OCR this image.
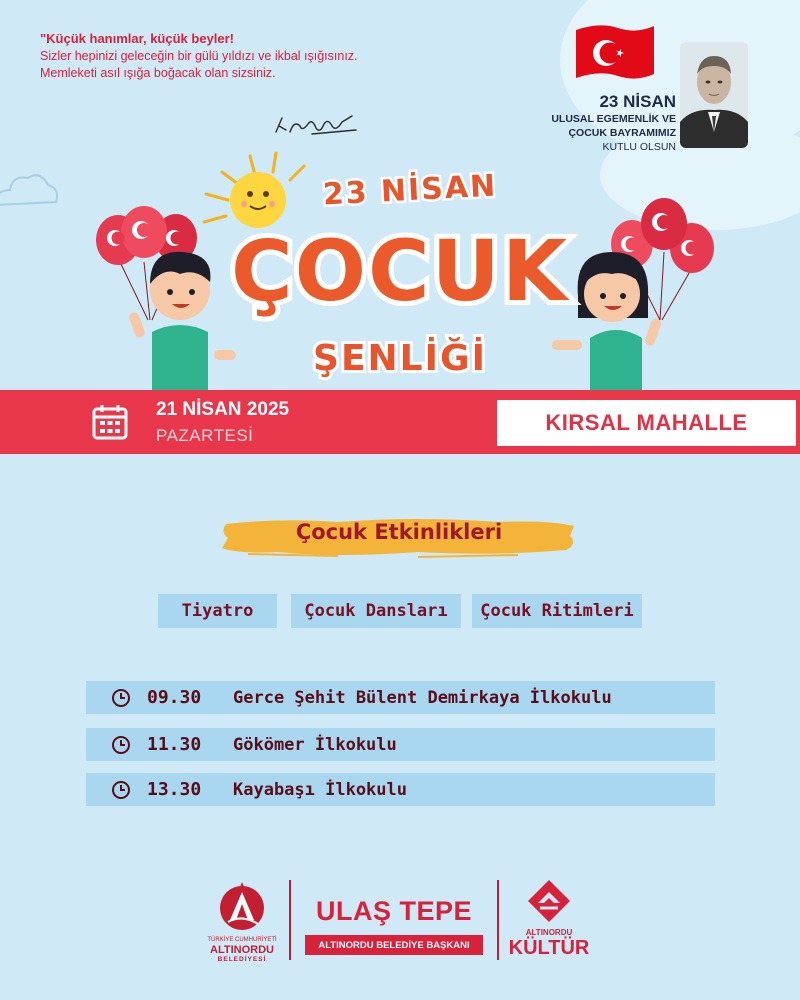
"Küçük hanımlar, küçük beyler!
Sizler hepinizi geleceğin bir gülü yıldızı ve ikbal ışığısınız.
Memleketi asıl ışığa boğacak olan sizsiniz.
23 NİSAN
ULUSAL EGEMENLİK VE
ÇOCUK BAYRAMIMIZ
KUTLU OLSUN
23 NİSAN
ÇOCUK
ŞENLİĞİ
21 NİSAN 2025
PAZARTESİ
KIRSAL MAHALLE
Çocuk Etkinlikleri
Tiyatro	Çocuk Dansları	Çocuk Ritimleri
09.30	Gerce Şehit Bülent Demirkaya İlkokulu
11.30	Gökömer İlkokulu
13.30	Kayabaşı İlkokulu
TÜRKİYE CUMHURİYETİ
ALTINORDU
BELEDİYESİ
ULAŞ TEPE
ALTINORDU BELEDİYE BAŞKANI
ALTINORDU
KÜLTÜR
